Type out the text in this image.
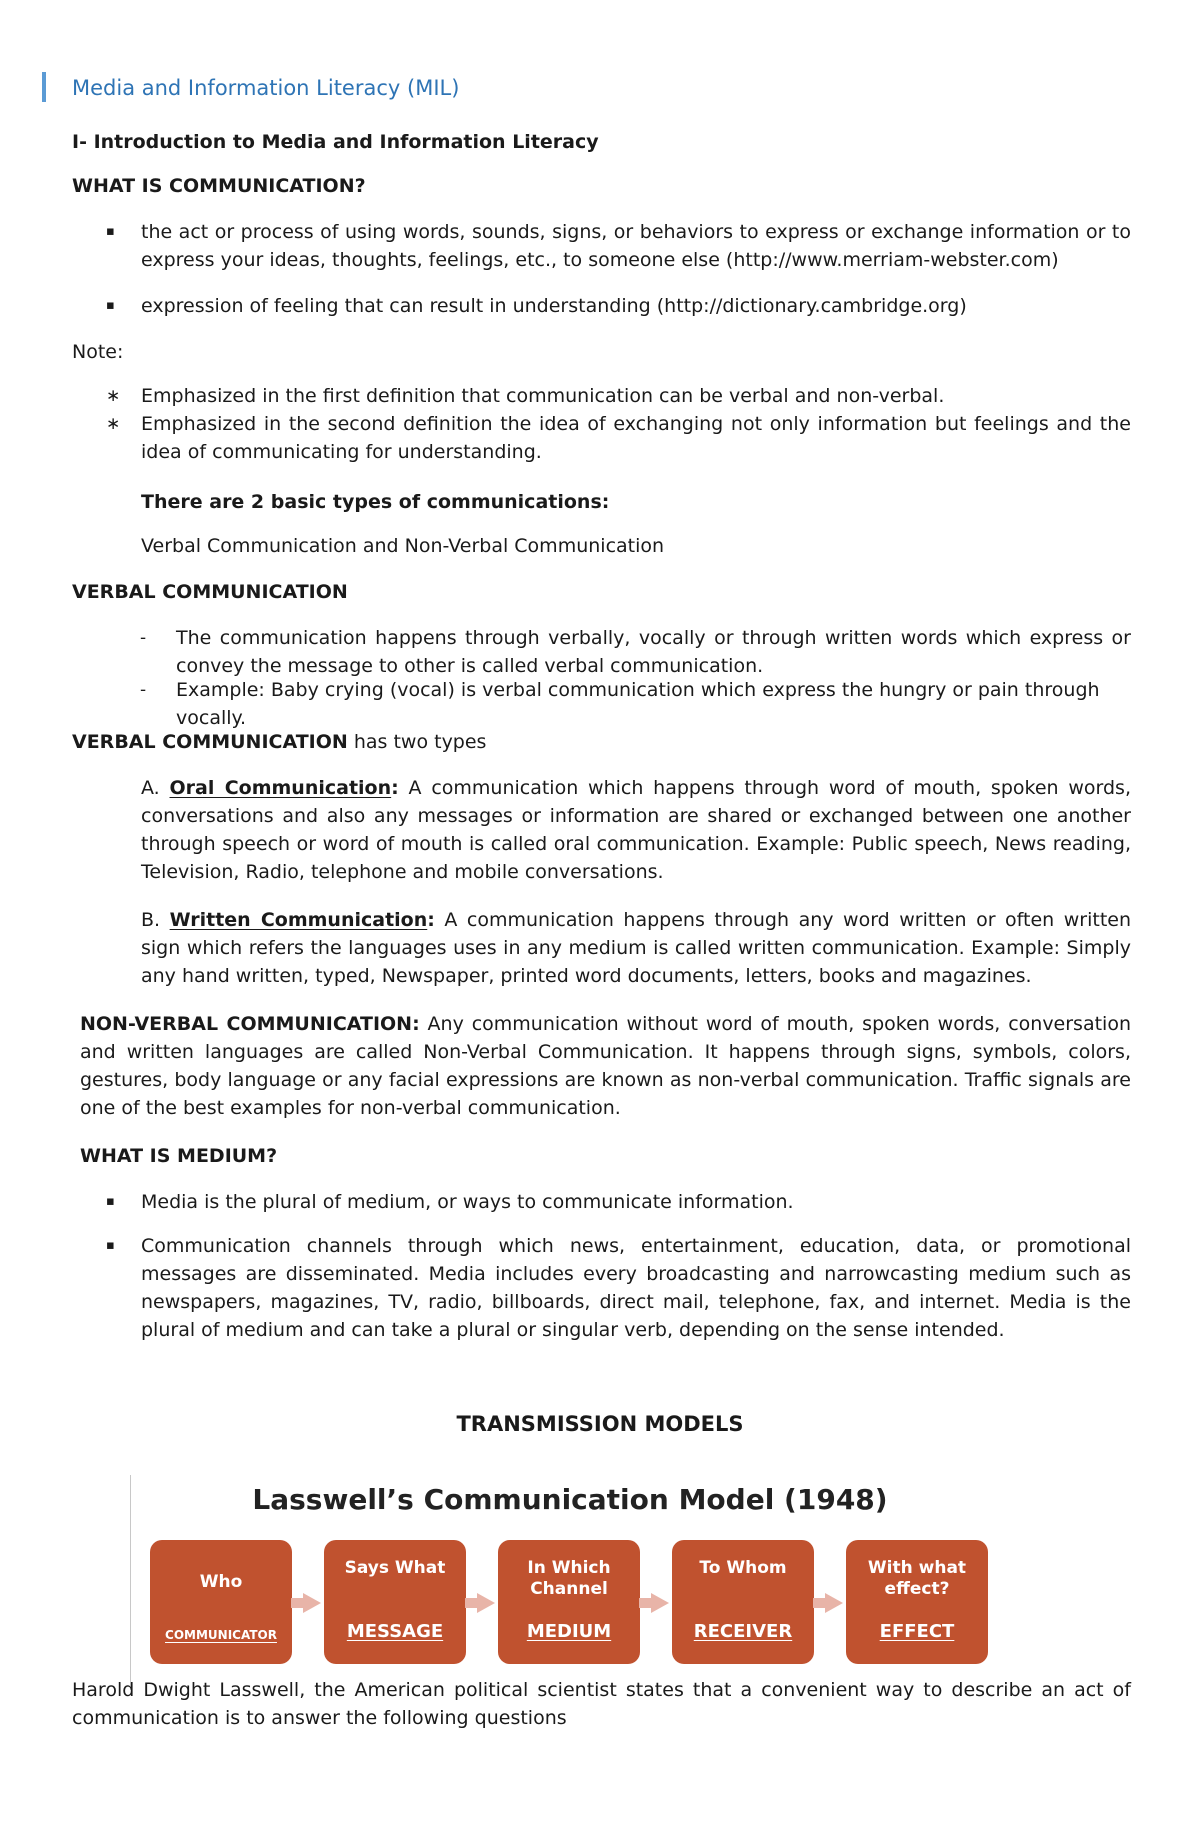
Media and Information Literacy (MIL)

I- Introduction to Media and Information Literacy

WHAT IS COMMUNICATION?

▪ the act or process of using words, sounds, signs, or behaviors to express or exchange information or to express your ideas, thoughts, feelings, etc., to someone else (http://www.merriam-webster.com)

▪ expression of feeling that can result in understanding (http://dictionary.cambridge.org)

Note:

∗ Emphasized in the first definition that communication can be verbal and non-verbal.

∗ Emphasized in the second definition the idea of exchanging not only information but feelings and the idea of communicating for understanding.

There are 2 basic types of communications:

Verbal Communication and Non-Verbal Communication

VERBAL COMMUNICATION

- The communication happens through verbally, vocally or through written words which express or convey the message to other is called verbal communication.

- Example: Baby crying (vocal) is verbal communication which express the hungry or pain through vocally.

VERBAL COMMUNICATION has two types

A. Oral Communication: A communication which happens through word of mouth, spoken words, conversations and also any messages or information are shared or exchanged between one another through speech or word of mouth is called oral communication. Example: Public speech, News reading, Television, Radio, telephone and mobile conversations.

B. Written Communication: A communication happens through any word written or often written sign which refers the languages uses in any medium is called written communication. Example: Simply any hand written, typed, Newspaper, printed word documents, letters, books and magazines.

NON-VERBAL COMMUNICATION: Any communication without word of mouth, spoken words, conversation and written languages are called Non-Verbal Communication. It happens through signs, symbols, colors, gestures, body language or any facial expressions are known as non-verbal communication. Traffic signals are one of the best examples for non-verbal communication.

WHAT IS MEDIUM?

▪ Media is the plural of medium, or ways to communicate information.

▪ Communication channels through which news, entertainment, education, data, or promotional messages are disseminated. Media includes every broadcasting and narrowcasting medium such as newspapers, magazines, TV, radio, billboards, direct mail, telephone, fax, and internet. Media is the plural of medium and can take a plural or singular verb, depending on the sense intended.

TRANSMISSION MODELS

Lasswell’s Communication Model (1948)

Who
COMMUNICATOR
Says What
MESSAGE
In Which Channel
MEDIUM
To Whom
RECEIVER
With what effect?
EFFECT

Harold Dwight Lasswell, the American political scientist states that a convenient way to describe an act of communication is to answer the following questions
